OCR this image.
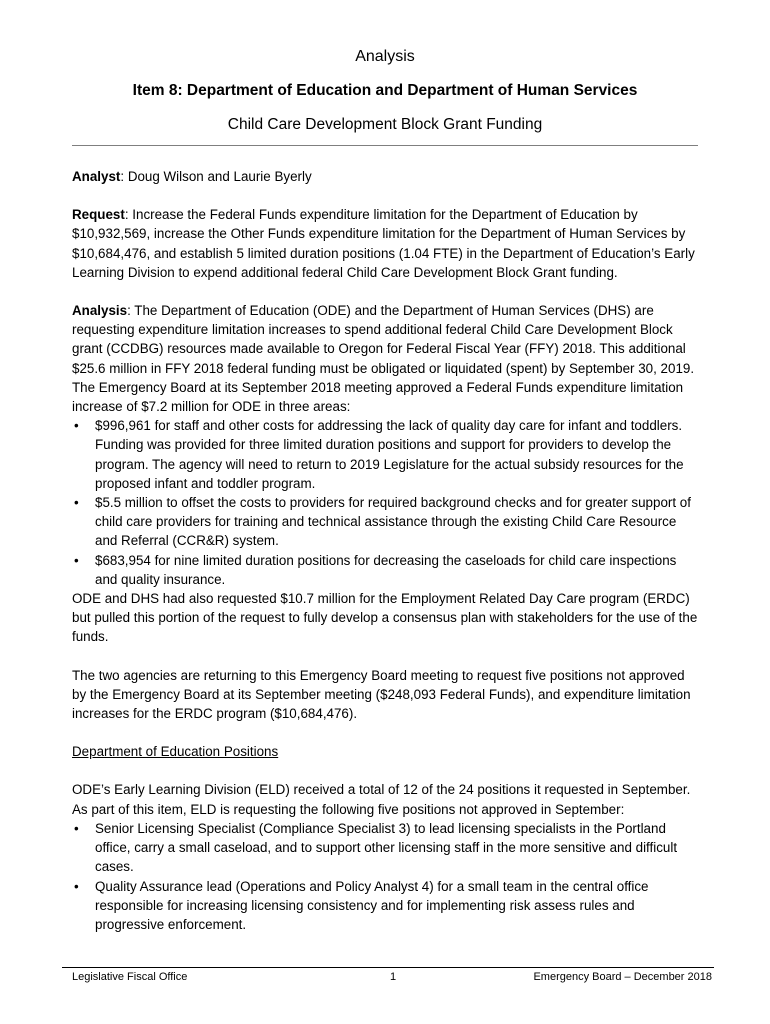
Analysis
Item 8: Department of Education and Department of Human Services
Child Care Development Block Grant Funding

Analyst: Doug Wilson and Laurie Byerly

Request: Increase the Federal Funds expenditure limitation for the Department of Education by $10,932,569, increase the Other Funds expenditure limitation for the Department of Human Services by $10,684,476, and establish 5 limited duration positions (1.04 FTE) in the Department of Education’s Early Learning Division to expend additional federal Child Care Development Block Grant funding.

Analysis: The Department of Education (ODE) and the Department of Human Services (DHS) are requesting expenditure limitation increases to spend additional federal Child Care Development Block grant (CCDBG) resources made available to Oregon for Federal Fiscal Year (FFY) 2018. This additional $25.6 million in FFY 2018 federal funding must be obligated or liquidated (spent) by September 30, 2019. The Emergency Board at its September 2018 meeting approved a Federal Funds expenditure limitation increase of $7.2 million for ODE in three areas:

• $996,961 for staff and other costs for addressing the lack of quality day care for infant and toddlers. Funding was provided for three limited duration positions and support for providers to develop the program. The agency will need to return to 2019 Legislature for the actual subsidy resources for the proposed infant and toddler program.
• $5.5 million to offset the costs to providers for required background checks and for greater support of child care providers for training and technical assistance through the existing Child Care Resource and Referral (CCR&R) system.
• $683,954 for nine limited duration positions for decreasing the caseloads for child care inspections and quality insurance.

ODE and DHS had also requested $10.7 million for the Employment Related Day Care program (ERDC) but pulled this portion of the request to fully develop a consensus plan with stakeholders for the use of the funds.

The two agencies are returning to this Emergency Board meeting to request five positions not approved by the Emergency Board at its September meeting ($248,093 Federal Funds), and expenditure limitation increases for the ERDC program ($10,684,476).

Department of Education Positions

ODE’s Early Learning Division (ELD) received a total of 12 of the 24 positions it requested in September. As part of this item, ELD is requesting the following five positions not approved in September:

• Senior Licensing Specialist (Compliance Specialist 3) to lead licensing specialists in the Portland office, carry a small caseload, and to support other licensing staff in the more sensitive and difficult cases.
• Quality Assurance lead (Operations and Policy Analyst 4) for a small team in the central office responsible for increasing licensing consistency and for implementing risk assess rules and progressive enforcement.
Legislative Fiscal Office	1	Emergency Board – December 2018
